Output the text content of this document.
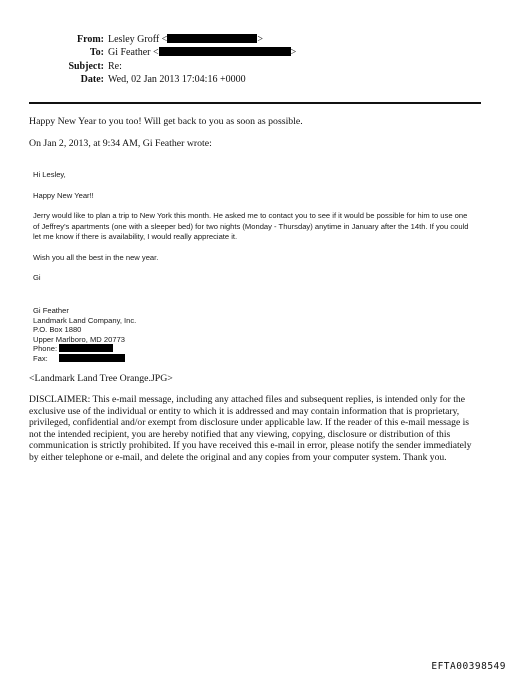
From: Lesley Groff <	>
To: Gi Feather <	>
Subject: Re:
Date: Wed, 02 Jan 2013 17:04:16 +0000
Happy New Year to you too! Will get back to you as soon as possible.
On Jan 2, 2013, at 9:34 AM, Gi Feather wrote:

Hi Lesley,

Happy New Year!!

Jerry would like to plan a trip to New York this month. He asked me to contact you to see if it would be possible for him to use one of Jeffrey's apartments (one with a sleeper bed) for two nights (Monday - Thursday) anytime in January after the 14th. If you could let me know if there is availability, I would really appreciate it.

Wish you all the best in the new year.

Gi

Gi Feather
Landmark Land Company, Inc.
P.O. Box 1880
Upper Marlboro, MD 20773
Phone:
Fax:
<Landmark Land Tree Orange.JPG>
DISCLAIMER: This e-mail message, including any attached files and subsequent replies, is intended only for the exclusive use of the individual or entity to which it is addressed and may contain information that is proprietary, privileged, confidential and/or exempt from disclosure under applicable law. If the reader of this e-mail message is not the intended recipient, you are hereby notified that any viewing, copying, disclosure or distribution of this communication is strictly prohibited. If you have received this e-mail in error, please notify the sender immediately by either telephone or e-mail, and delete the original and any copies from your computer system. Thank you.
EFTA00398549
